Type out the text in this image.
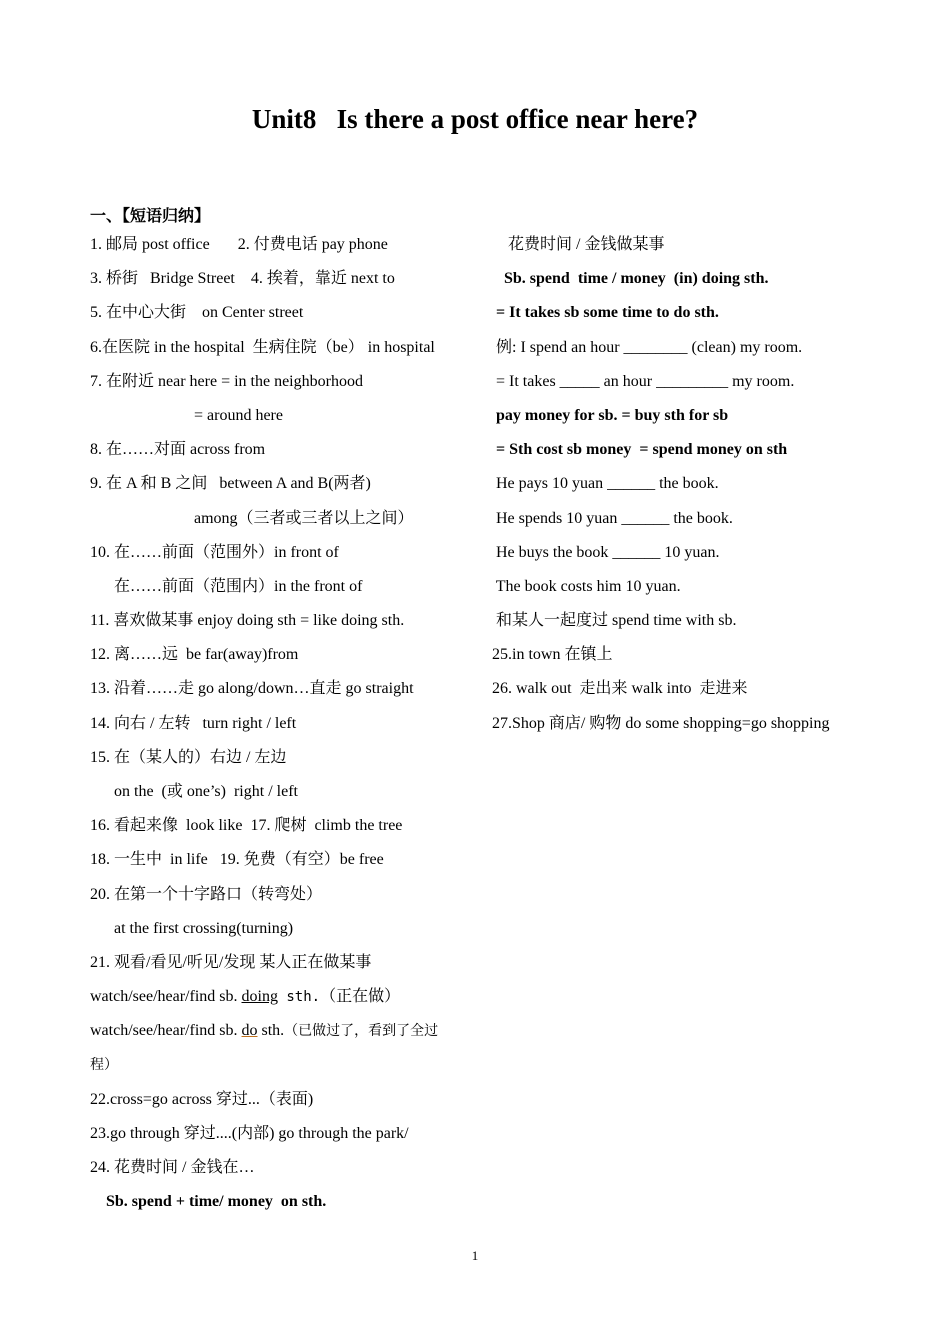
Unit8   Is there a post office near here?
一、【短语归纳】
1. 邮局 post office       2. 付费电话 pay phone
3. 桥街   Bridge Street    4. 挨着，靠近 next to
5. 在中心大街    on Center street
6.在医院 in the hospital  生病住院（be） in hospital
7. 在附近 near here = in the neighborhood
= around here
8. 在……对面 across from
9. 在 A 和 B 之间   between A and B(两者)
among（三者或三者以上之间）
10. 在……前面（范围外）in front of
在……前面（范围内）in the front of
11. 喜欢做某事 enjoy doing sth = like doing sth.
12. 离……远  be far(away)from
13. 沿着……走 go along/down…直走 go straight
14. 向右 / 左转   turn right / left
15. 在（某人的）右边 / 左边
on the  (或 one’s)  right / left
16. 看起来像  look like  17. 爬树  climb the tree
18. 一生中  in life   19. 免费（有空）be free
20. 在第一个十字路口（转弯处）
at the first crossing(turning)
21. 观看/看见/听见/发现 某人正在做某事
watch/see/hear/find sb. doing sth.（正在做）
watch/see/hear/find sb. do sth.（已做过了，看到了全过
程）
22.cross=go across 穿过...（表面)
23.go through 穿过....(内部) go through the park/
24. 花费时间 / 金钱在…
Sb. spend + time/ money  on sth.
花费时间 / 金钱做某事
Sb. spend  time / money  (in) doing sth.
= It takes sb some time to do sth.
例: I spend an hour ________ (clean) my room.
= It takes _____ an hour _________ my room.
pay money for sb. = buy sth for sb
= Sth cost sb money  = spend money on sth
He pays 10 yuan ______ the book.
He spends 10 yuan ______ the book.
He buys the book ______ 10 yuan.
The book costs him 10 yuan.
和某人一起度过 spend time with sb.
25.in town 在镇上
26. walk out  走出来 walk into  走进来
27.Shop 商店/ 购物 do some shopping=go shopping
1
